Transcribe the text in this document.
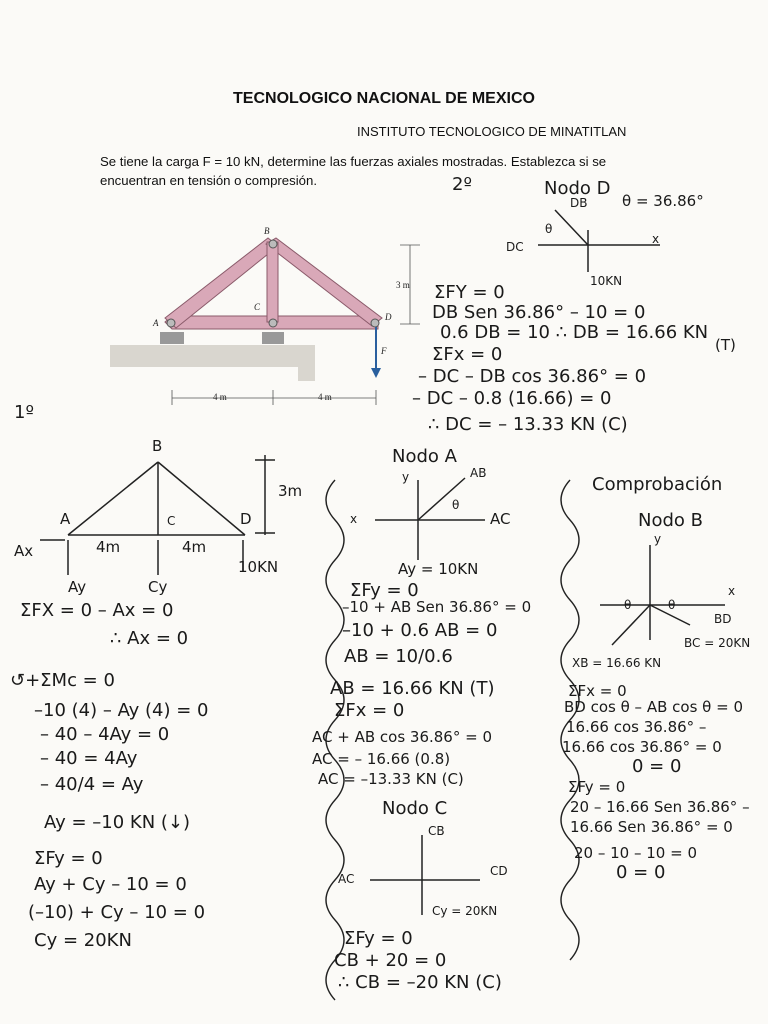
TECNOLOGICO NACIONAL DE MEXICO
INSTITUTO TECNOLOGICO DE MINATITLAN
Se tiene la carga F = 10 kN, determine las fuerzas axiales mostradas. Establezca si se encuentran en tensión o compresión.
B
A
C
D
F
3 m
4 m	4 m
1º
B
A	C	D
Ax	4m	4m
3m
10KN
Ay	Cy
ΣFX = 0 – Ax = 0
∴ Ax = 0
↺+ΣMc = 0
–10 (4) – Ay (4) = 0
– 40 – 4Ay = 0
– 40 = 4Ay
– 40/4 = Ay
Ay = –10 KN (↓)
ΣFy = 0
Ay + Cy – 10 = 0
(–10) + Cy – 10 = 0
Cy = 20KN
2º	Nodo D
θ = 36.86°
DB
θ
DC
x
10KN
ΣFY = 0
DB Sen 36.86° – 10 = 0
0.6 DB = 10 ∴ DB = 16.66 KN
(T)
ΣFx = 0
– DC – DB cos 36.86° = 0
– DC – 0.8 (16.66) = 0
∴ DC = – 13.33 KN (C)
Nodo A
AB
y
x
θ
AC
Ay = 10KN
ΣFy = 0
–10 + AB Sen 36.86° = 0
–10 + 0.6 AB = 0
AB = 10/0.6
AB = 16.66 KN (T)
ΣFx = 0
AC + AB cos 36.86° = 0
AC = – 16.66 (0.8)
AC = –13.33 KN (C)
Nodo C
CB
AC
CD
Cy = 20KN
ΣFy = 0
CB + 20 = 0
∴ CB = –20 KN (C)
Comprobación
Nodo B
y
x
θ	θ
BD
BC = 20KN
XB = 16.66 KN
ΣFx = 0
BD cos θ – AB cos θ = 0
16.66 cos 36.86° –
16.66 cos 36.86° = 0
0 = 0
ΣFy = 0
20 – 16.66 Sen 36.86° –
16.66 Sen 36.86° = 0
20 – 10 – 10 = 0
0 = 0
